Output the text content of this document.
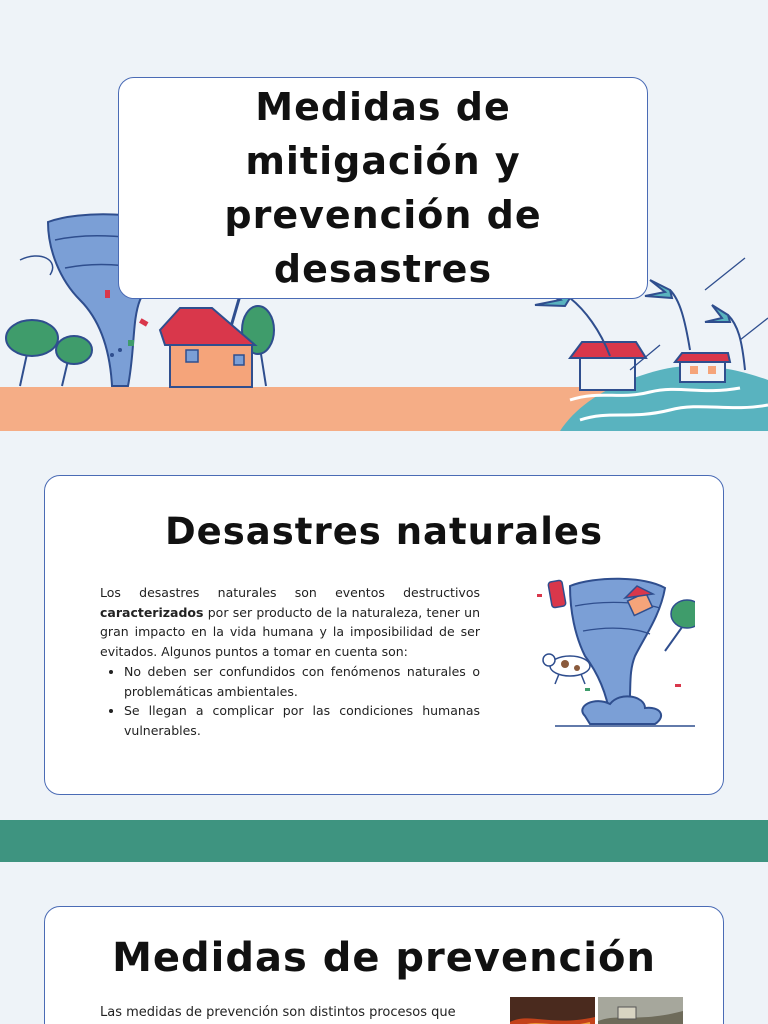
Medidas de mitigación y prevención de desastres
Desastres naturales

Los desastres naturales son eventos destructivos caracterizados por ser producto de la naturaleza, tener un gran impacto en la vida humana y la imposibilidad de ser evitados. Algunos puntos a tomar en cuenta son:

• No deben ser confundidos con fenómenos naturales o problemáticas ambientales.
• Se llegan a complicar por las condiciones humanas vulnerables.
Medidas de prevención

Las medidas de prevención son distintos procesos que
